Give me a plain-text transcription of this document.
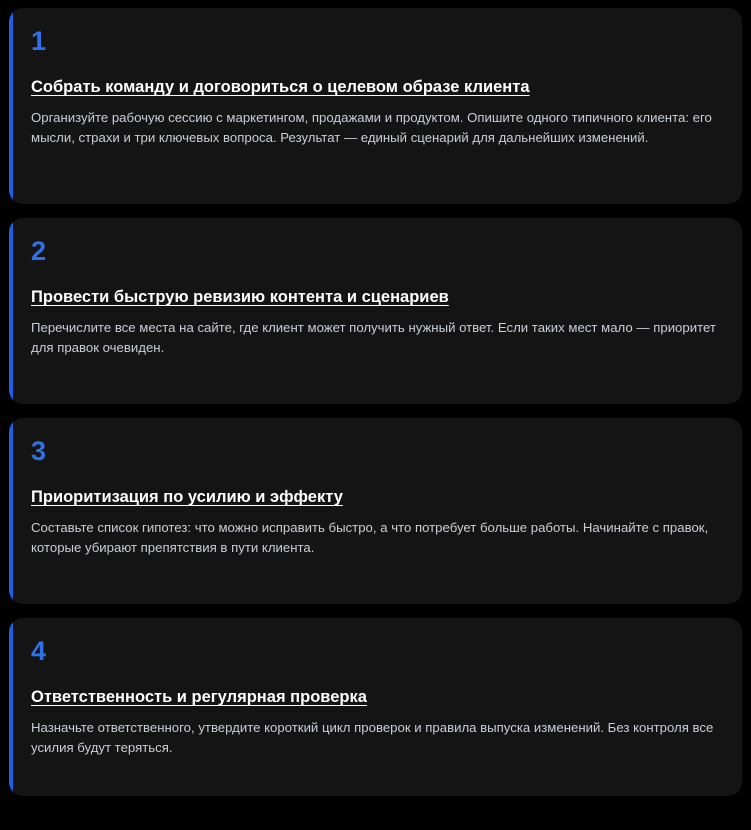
1
Собрать команду и договориться о целевом образе клиента

Организуйте рабочую сессию с маркетингом, продажами и продуктом. Опишите одного типичного клиента: его мысли, страхи и три ключевых вопроса. Результат — единый сценарий для дальнейших изменений.

2
Провести быструю ревизию контента и сценариев

Перечислите все места на сайте, где клиент может получить нужный ответ. Если таких мест мало — приоритет для правок очевиден.

3
Приоритизация по усилию и эффекту

Составьте список гипотез: что можно исправить быстро, а что потребует больше работы. Начинайте с правок, которые убирают препятствия в пути клиента.

4
Ответственность и регулярная проверка

Назначьте ответственного, утвердите короткий цикл проверок и правила выпуска изменений. Без контроля все усилия будут теряться.
